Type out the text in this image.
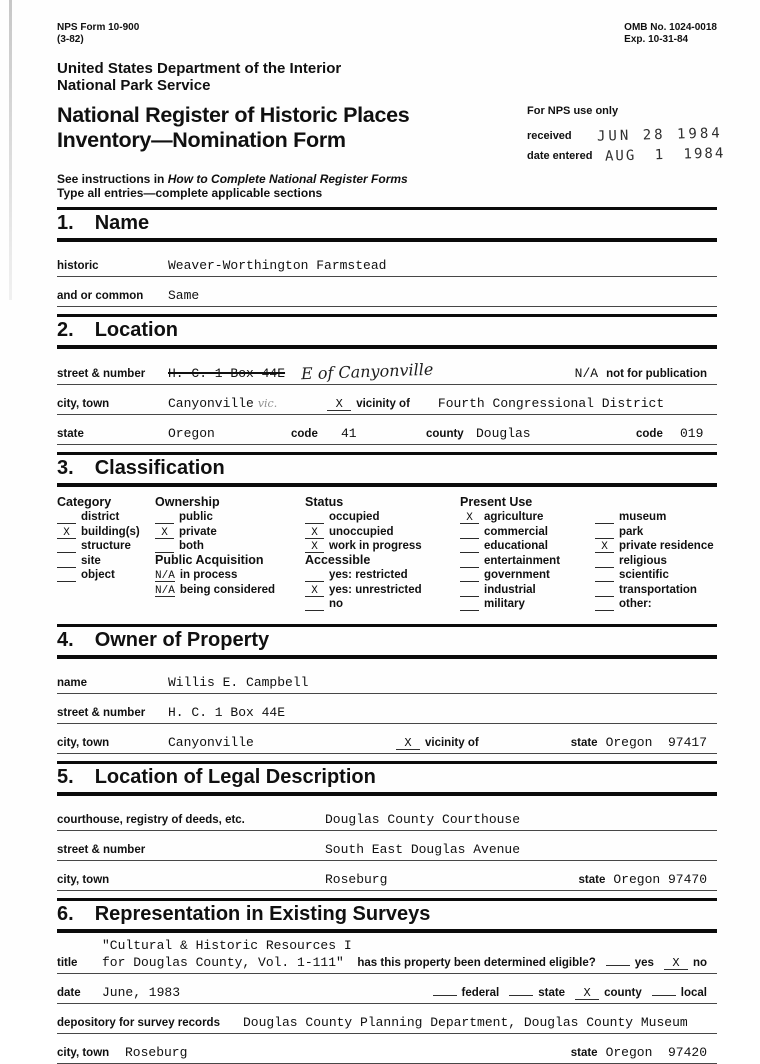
NPS Form 10-900
(3-82)
OMB No. 1024-0018
Exp. 10-31-84
United States Department of the Interior
National Park Service
National Register of Historic Places
Inventory—Nomination Form
For NPS use only
received	JUN 28 1984
date entered AUG 1 1984
See instructions in How to Complete National Register Forms
Type all entries—complete applicable sections
1. Name
historic	Weaver-Worthington Farmstead
and or common	Same
2. Location
street & number	H. C. 1 Box 44E E of Canyonville	N/A not for publication
city, town	Canyonville vic.	X	vicinity of Fourth Congressional District
state	Oregon	code	41	county Douglas	code	019
3. Classification
Category
district
X building(s)
structure
site
object
Ownership
public
X private
both
Public Acquisition
N/A in process
N/A being considered
Status
occupied
X unoccupied
X work in progress
Accessible
yes: restricted
X yes: unrestricted
no
Present Use
X agriculture
commercial
educational
entertainment
government
industrial
military
museum
park
X private residence
religious
scientific
transportation
other:
4. Owner of Property
name	Willis E. Campbell
street & number	H. C. 1 Box 44E
city, town	Canyonville	X	vicinity of	state Oregon  97417
5. Location of Legal Description
courthouse, registry of deeds, etc.	Douglas County Courthouse
street & number	South East Douglas Avenue
city, town	Roseburg	state Oregon 97470
6. Representation in Existing Surveys
"Cultural & Historic Resources I
title	for Douglas County, Vol. 1-111" has this property been determined eligible?	yes	X	no
date	June, 1983	federal	state	X	county	local
depository for survey records	Douglas County Planning Department, Douglas County Museum
city, town	Roseburg	state Oregon  97420
